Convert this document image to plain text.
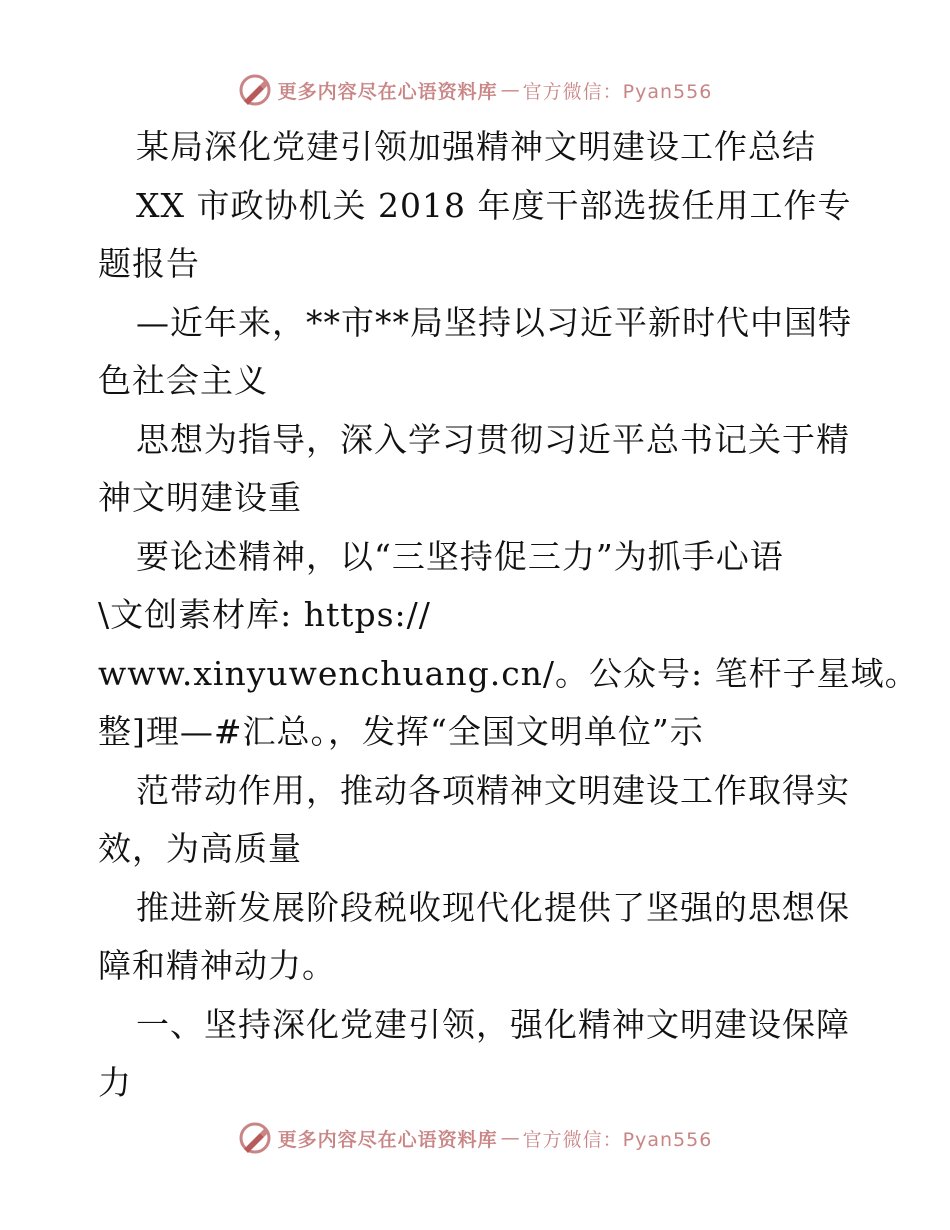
更多内容尽在心语资料库 — 官方微信：Pyan556
某局深化党建引领加强精神文明建设工作总结
XX 市政协机关 2018 年度干部选拔任用工作专
题报告
—近年来，**市**局坚持以习近平新时代中国特
色社会主义
思想为指导，深入学习贯彻习近平总书记关于精
神文明建设重
要论述精神，以“三坚持促三力”为抓手心语
\文创素材库: https://
www.xinyuwenchuang.cn/。公众号: 笔杆子星域。
整]理—#汇总。，发挥“全国文明单位”示
范带动作用，推动各项精神文明建设工作取得实
效，为高质量
推进新发展阶段税收现代化提供了坚强的思想保
障和精神动力。
一、坚持深化党建引领，强化精神文明建设保障
力
更多内容尽在心语资料库 — 官方微信：Pyan556
